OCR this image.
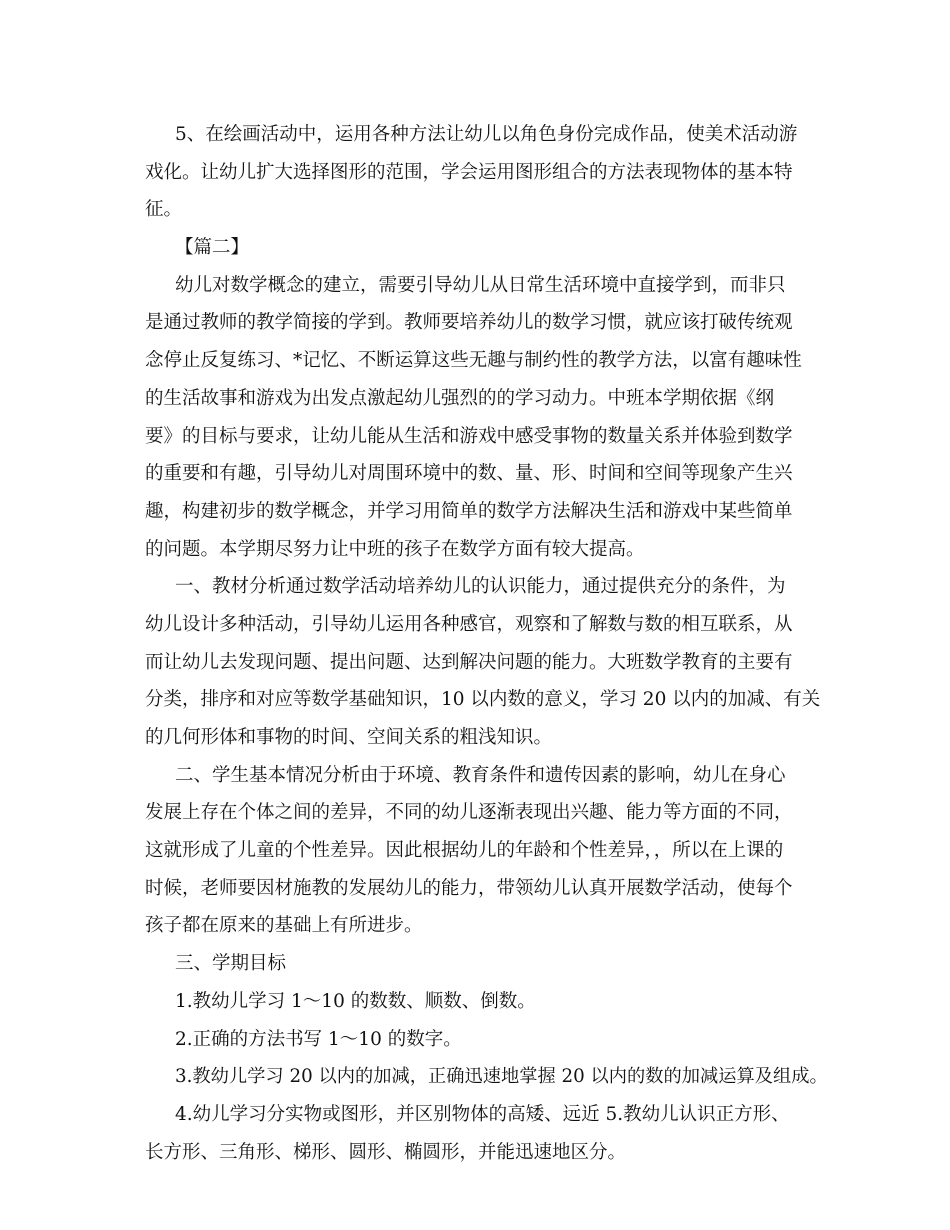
5、在绘画活动中，运用各种方法让幼儿以角色身份完成作品，使美术活动游
戏化。让幼儿扩大选择图形的范围，学会运用图形组合的方法表现物体的基本特
征。
【篇二】
幼儿对数学概念的建立，需要引导幼儿从日常生活环境中直接学到，而非只
是通过教师的教学简接的学到。教师要培养幼儿的数学习惯，就应该打破传统观
念停止反复练习、*记忆、不断运算这些无趣与制约性的教学方法，以富有趣味性
的生活故事和游戏为出发点激起幼儿强烈的的学习动力。中班本学期依据《纲
要》的目标与要求，让幼儿能从生活和游戏中感受事物的数量关系并体验到数学
的重要和有趣，引导幼儿对周围环境中的数、量、形、时间和空间等现象产生兴
趣，构建初步的数学概念，并学习用简单的数学方法解决生活和游戏中某些简单
的问题。本学期尽努力让中班的孩子在数学方面有较大提高。
一、教材分析通过数学活动培养幼儿的认识能力，通过提供充分的条件，为
幼儿设计多种活动，引导幼儿运用各种感官，观察和了解数与数的相互联系，从
而让幼儿去发现问题、提出问题、达到解决问题的能力。大班数学教育的主要有
分类，排序和对应等数学基础知识，10 以内数的意义，学习 20 以内的加减、有关
的几何形体和事物的时间、空间关系的粗浅知识。
二、学生基本情况分析由于环境、教育条件和遗传因素的影响，幼儿在身心
发展上存在个体之间的差异，不同的幼儿逐渐表现出兴趣、能力等方面的不同，
这就形成了儿童的个性差异。因此根据幼儿的年龄和个性差异，，所以在上课的
时候，老师要因材施教的发展幼儿的能力，带领幼儿认真开展数学活动，使每个
孩子都在原来的基础上有所进步。
三、学期目标
1.教幼儿学习 1～10 的数数、顺数、倒数。
2.正确的方法书写 1～10 的数字。
3.教幼儿学习 20 以内的加减，正确迅速地掌握 20 以内的数的加减运算及组成。
4.幼儿学习分实物或图形，并区别物体的高矮、远近 5.教幼儿认识正方形、
长方形、三角形、梯形、圆形、椭圆形，并能迅速地区分。
